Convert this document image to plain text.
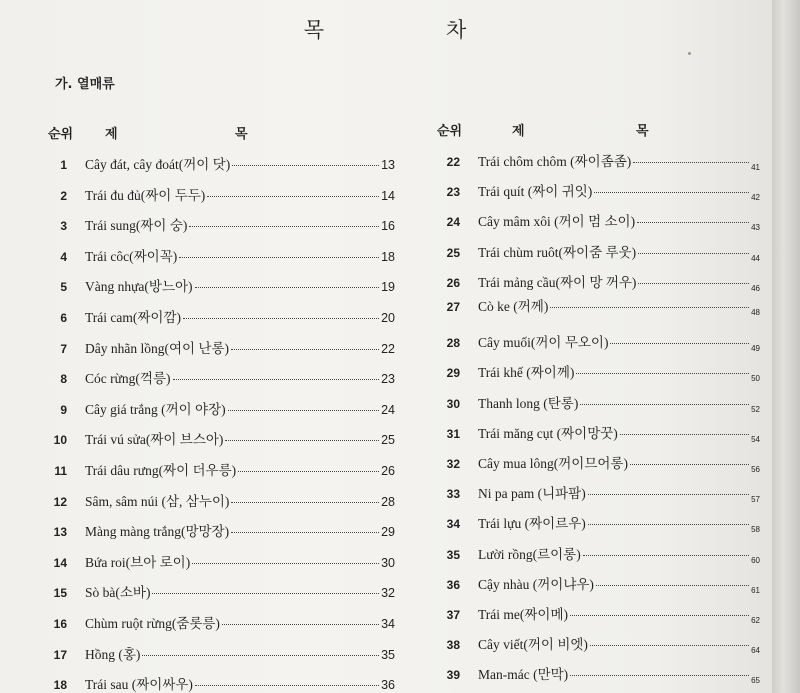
목	차
가. 열매류
순위 제	목	순위	제	목
1 Cây đát, cây đoát(꺼이 닷)	13
2 Trái đu đủ(짜이 두두)	14
3 Trái sung(짜이 숭)	16
4 Trái côc(짜이꼭)	18
5 Vàng nhựa(방느아)	19
6 Trái cam(짜이깜)	20
7 Dây nhãn lồng(여이 난롱)	22
8 Cóc rừng(꺽릉)	23
9 Cây giá trắng (꺼이 야장)	24
10 Trái vú sửa(짜이 브스아)	25
11 Trái dâu rưng(짜이 더우릉)	26
12 Sâm, sâm núi (삼, 삼누이)	28
13 Màng màng trắng(망망장)	29
14 Bứa roi(브아 로이)	30
15 Sò bà(소바)	32
16 Chùm ruột rừng(줌롯릉)	34
17 Hồng (홍)	35
18 Trái sau (짜이싸우)	36
22 Trái chôm chôm (짜이좀좀)	41
23 Trái quít (짜이 귀잇)	42
24 Cây mâm xôi (꺼이 멈 소이)	43
25 Trái chùm ruôt(짜이줌 루웃)	44
26 Trái mảng cầu(짜이 망 꺼우)	46
27 Cò ke (꺼께)	48
28 Cây muối(꺼이 무오이)	49
29 Trái khế (짜이께)	50
30 Thanh long (탄롱)	52
31 Trái măng cụt (짜이망꿋)	54
32 Cây mua lông(꺼이므어롱)	56
33 Ni pa pam (니파팜)	57
34 Trái lựu (짜이르우)	58
35 Lười rồng(르이롱)	60
36 Cậy nhàu (꺼이냐우)	61
37 Trái me(짜이메)	62
38 Cây viết(꺼이 비엣)	64
39 Man-mác (만막)	65
